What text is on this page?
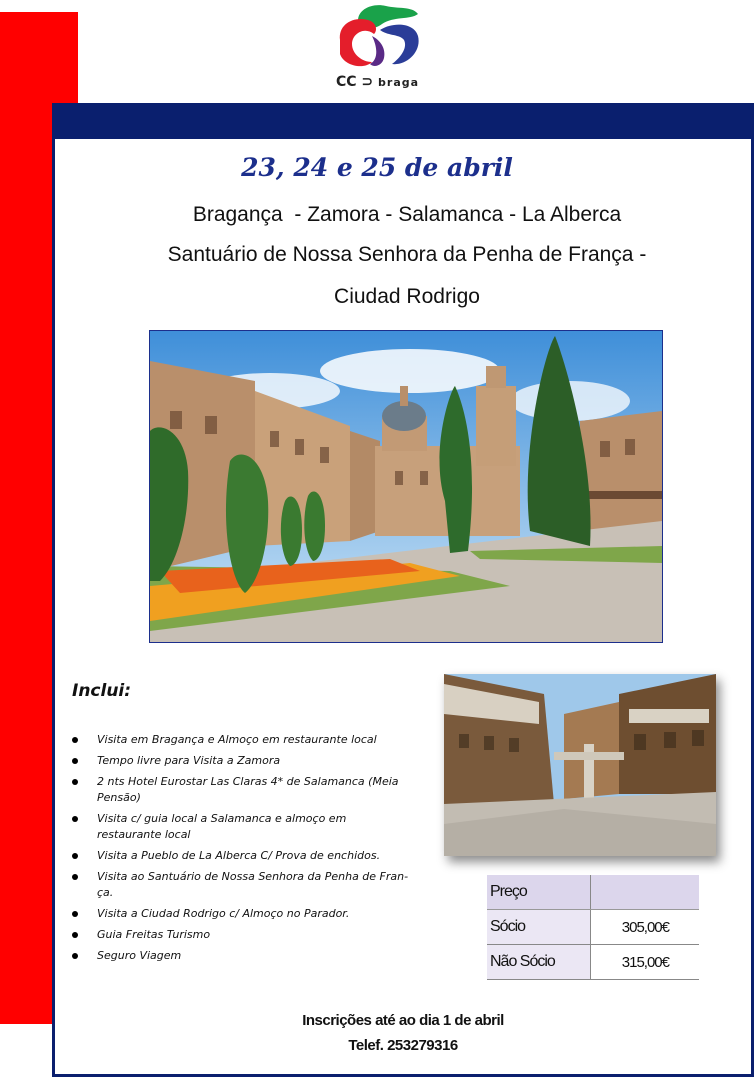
CC ⊃ braga
23, 24 e 25 de abril
Bragança  - Zamora - Salamanca - La Alberca
Santuário de Nossa Senhora da Penha de França -
Ciudad Rodrigo
Inclui:
Visita em Bragança e Almoço em restaurante local
Tempo livre para Visita a Zamora
2 nts Hotel Eurostar Las Claras 4* de Salamanca (Meia Pensão)
Visita c/ guia local a Salamanca e almoço em restaurante local
Visita a Pueblo de La Alberca C/ Prova de enchidos.
Visita ao Santuário de Nossa Senhora da Penha de Fran-ça.
Visita a Ciudad Rodrigo c/ Almoço no Parador.
Guia Freitas Turismo
Seguro Viagem
Preço	
Sócio	305,00€
Não Sócio	315,00€
Inscrições até ao dia 1 de abril
Telef. 253279316
